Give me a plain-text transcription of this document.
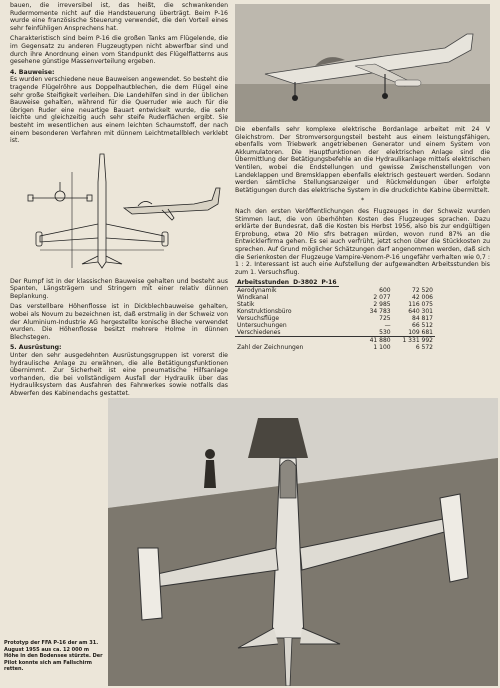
bauen, die irreversibel ist, das heißt, die schwankenden Rudermomente nicht auf die Handsteuerung überträgt. Beim P-16 wurde eine französische Steuerung verwendet, die den Vorteil eines sehr feinfühligen Ansprechens hat.

Charakteristisch sind beim P-16 die großen Tanks am Flügelende, die im Gegensatz zu anderen Flugzeugtypen nicht abwerfbar sind und durch ihre Anordnung einen vom Standpunkt des Flügelflatterns aus gesehene günstige Massenverteilung ergeben.

4. Bauweise:

Es wurden verschiedene neue Bauweisen angewendet. So besteht die tragende Flügelröhre aus Doppelhautblechen, die dem Flügel eine sehr große Steifigkeit verleihen. Die Landehilfen sind in der üblichen Bauweise gehalten, während für die Querruder wie auch für die übrigen Ruder eine neuartige Bauart entwickelt wurde, die sehr leichte und gleichzeitig auch sehr steife Ruderflächen ergibt. Sie besteht im wesentlichen aus einem leichten Schaumstoff, der nach einem besonderen Verfahren mit dünnem Leichtmetallblech verklebt ist.

Der Rumpf ist in der klassischen Bauweise gehalten und besteht aus Spanten, Längsträgern und Stringern mit einer relativ dünnen Beplankung.

Das verstellbare Höhenflosse ist in Dickblechbauweise gehalten, wobei als Novum zu bezeichnen ist, daß erstmalig in der Schweiz von der Aluminium-Industrie AG hergestellte konische Bleche verwendet wurden. Die Höhenflosse besitzt mehrere Holme in dünnen Blechstegen.

5. Ausrüstung:

Unter den sehr ausgedehnten Ausrüstungsgruppen ist vorerst die hydraulische Anlage zu erwähnen, die alle Betätigungsfunktionen übernimmt. Zur Sicherheit ist eine pneumatische Hilfsanlage vorhanden, die bei vollständigem Ausfall der Hydraulik über das Hydrauliksystem das Ausfahren des Fahrwerkes sowie notfalls das Abwerfen des Kabinendachs gestattet.

Die ebenfalls sehr komplexe elektrische Bordanlage arbeitet mit 24 V Gleichstrom. Der Stromversorgungsteil besteht aus einem leistungsfähigen, ebenfalls vom Triebwerk angetriebenen Generator und einem System von Akkumulatoren. Die Hauptfunktionen der elektrischen Anlage sind die Übermittlung der Betätigungsbefehle an die Hydraulikanlage mittels elektrischen Ventilen, wobei die Endstellungen und gewisse Zwischenstellungen von Landeklappen und Bremsklappen ebenfalls elektrisch gesteuert werden. Sodann werden sämtliche Stellungsanzeiger und Rückmeldungen über erfolgte Betätigungen durch das elektrische System in die druckdichte Kabine übermittelt.

*

Nach den ersten Veröffentlichungen des Flugzeuges in der Schweiz wurden Stimmen laut, die von überhöhten Kosten des Flugzeuges sprachen. Dazu erklärte der Bundesrat, daß die Kosten bis Herbst 1956, also bis zur endgültigen Erprobung, etwa 20 Mio sfrs betragen würden, wovon rund 87% an die Entwicklerfirma gehen. Es sei auch verfrüht, jetzt schon über die Stückkosten zu sprechen. Auf Grund möglicher Schätzungen darf angenommen werden, daß sich die Serienkosten der Flugzeuge Vampire-Venom-P-16 ungefähr verhalten wie 0,7 : 1 : 2. Interessant ist auch eine Aufstellung der aufgewandten Arbeitsstunden bis zum 1. Versuchsflug.

Arbeitsstunden	D-3802	P-16
Aerodynamik	600	72 520
Windkanal	2 077	42 006
Statik	2 985	116 075
Konstruktionsbüro	34 783	640 301
Versuchsflüge	725	84 817
Untersuchungen	—	66 512
Verschiedenes	530	109 681
	41 880	1 331 992
Zahl der Zeichnungen	1 100	6 572
Prototyp der FFA P-16 der am 31. August 1955 aus ca. 12 000 m Höhe in den Bodensee stürzte. Der Pilot konnte sich am Fallschirm retten.
